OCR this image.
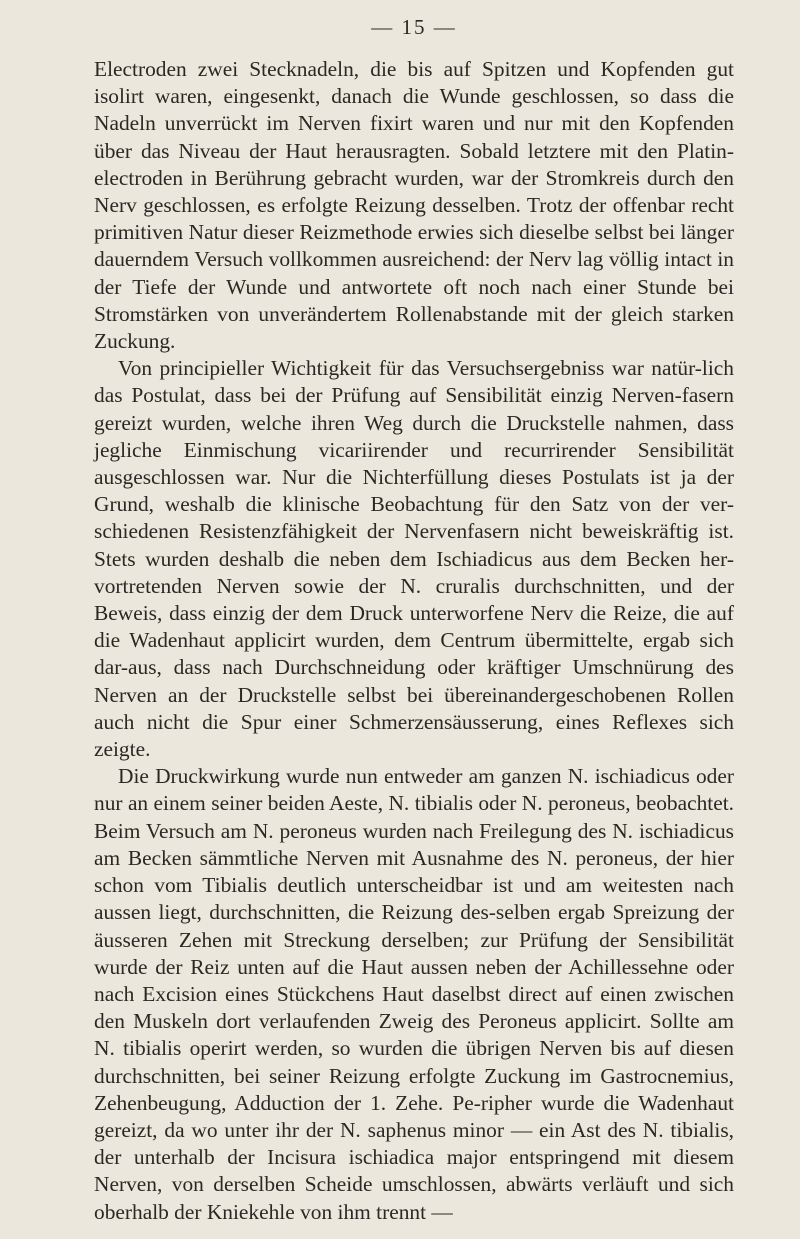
— 15 —

Electroden zwei Stecknadeln, die bis auf Spitzen und Kopfenden gut isolirt waren, eingesenkt, danach die Wunde geschlossen, so dass die Nadeln unverrückt im Nerven fixirt waren und nur mit den Kopfenden über das Niveau der Haut herausragten. Sobald letztere mit den Platin-electroden in Berührung gebracht wurden, war der Stromkreis durch den Nerv geschlossen, es erfolgte Reizung desselben. Trotz der offenbar recht primitiven Natur dieser Reizmethode erwies sich dieselbe selbst bei länger dauerndem Versuch vollkommen ausreichend: der Nerv lag völlig intact in der Tiefe der Wunde und antwortete oft noch nach einer Stunde bei Stromstärken von unverändertem Rollenabstande mit der gleich starken Zuckung.

Von principieller Wichtigkeit für das Versuchsergebniss war natür-lich das Postulat, dass bei der Prüfung auf Sensibilität einzig Nerven-fasern gereizt wurden, welche ihren Weg durch die Druckstelle nahmen, dass jegliche Einmischung vicariirender und recurrirender Sensibilität ausgeschlossen war. Nur die Nichterfüllung dieses Postulats ist ja der Grund, weshalb die klinische Beobachtung für den Satz von der ver-schiedenen Resistenzfähigkeit der Nervenfasern nicht beweiskräftig ist. Stets wurden deshalb die neben dem Ischiadicus aus dem Becken her-vortretenden Nerven sowie der N. cruralis durchschnitten, und der Beweis, dass einzig der dem Druck unterworfene Nerv die Reize, die auf die Wadenhaut applicirt wurden, dem Centrum übermittelte, ergab sich dar-aus, dass nach Durchschneidung oder kräftiger Umschnürung des Nerven an der Druckstelle selbst bei übereinandergeschobenen Rollen auch nicht die Spur einer Schmerzensäusserung, eines Reflexes sich zeigte.

Die Druckwirkung wurde nun entweder am ganzen N. ischiadicus oder nur an einem seiner beiden Aeste, N. tibialis oder N. peroneus, beobachtet. Beim Versuch am N. peroneus wurden nach Freilegung des N. ischiadicus am Becken sämmtliche Nerven mit Ausnahme des N. peroneus, der hier schon vom Tibialis deutlich unterscheidbar ist und am weitesten nach aussen liegt, durchschnitten, die Reizung des-selben ergab Spreizung der äusseren Zehen mit Streckung derselben; zur Prüfung der Sensibilität wurde der Reiz unten auf die Haut aussen neben der Achillessehne oder nach Excision eines Stückchens Haut daselbst direct auf einen zwischen den Muskeln dort verlaufenden Zweig des Peroneus applicirt. Sollte am N. tibialis operirt werden, so wurden die übrigen Nerven bis auf diesen durchschnitten, bei seiner Reizung erfolgte Zuckung im Gastrocnemius, Zehenbeugung, Adduction der 1. Zehe. Pe-ripher wurde die Wadenhaut gereizt, da wo unter ihr der N. saphenus minor — ein Ast des N. tibialis, der unterhalb der Incisura ischiadica major entspringend mit diesem Nerven, von derselben Scheide umschlossen, abwärts verläuft und sich oberhalb der Kniekehle von ihm trennt —
